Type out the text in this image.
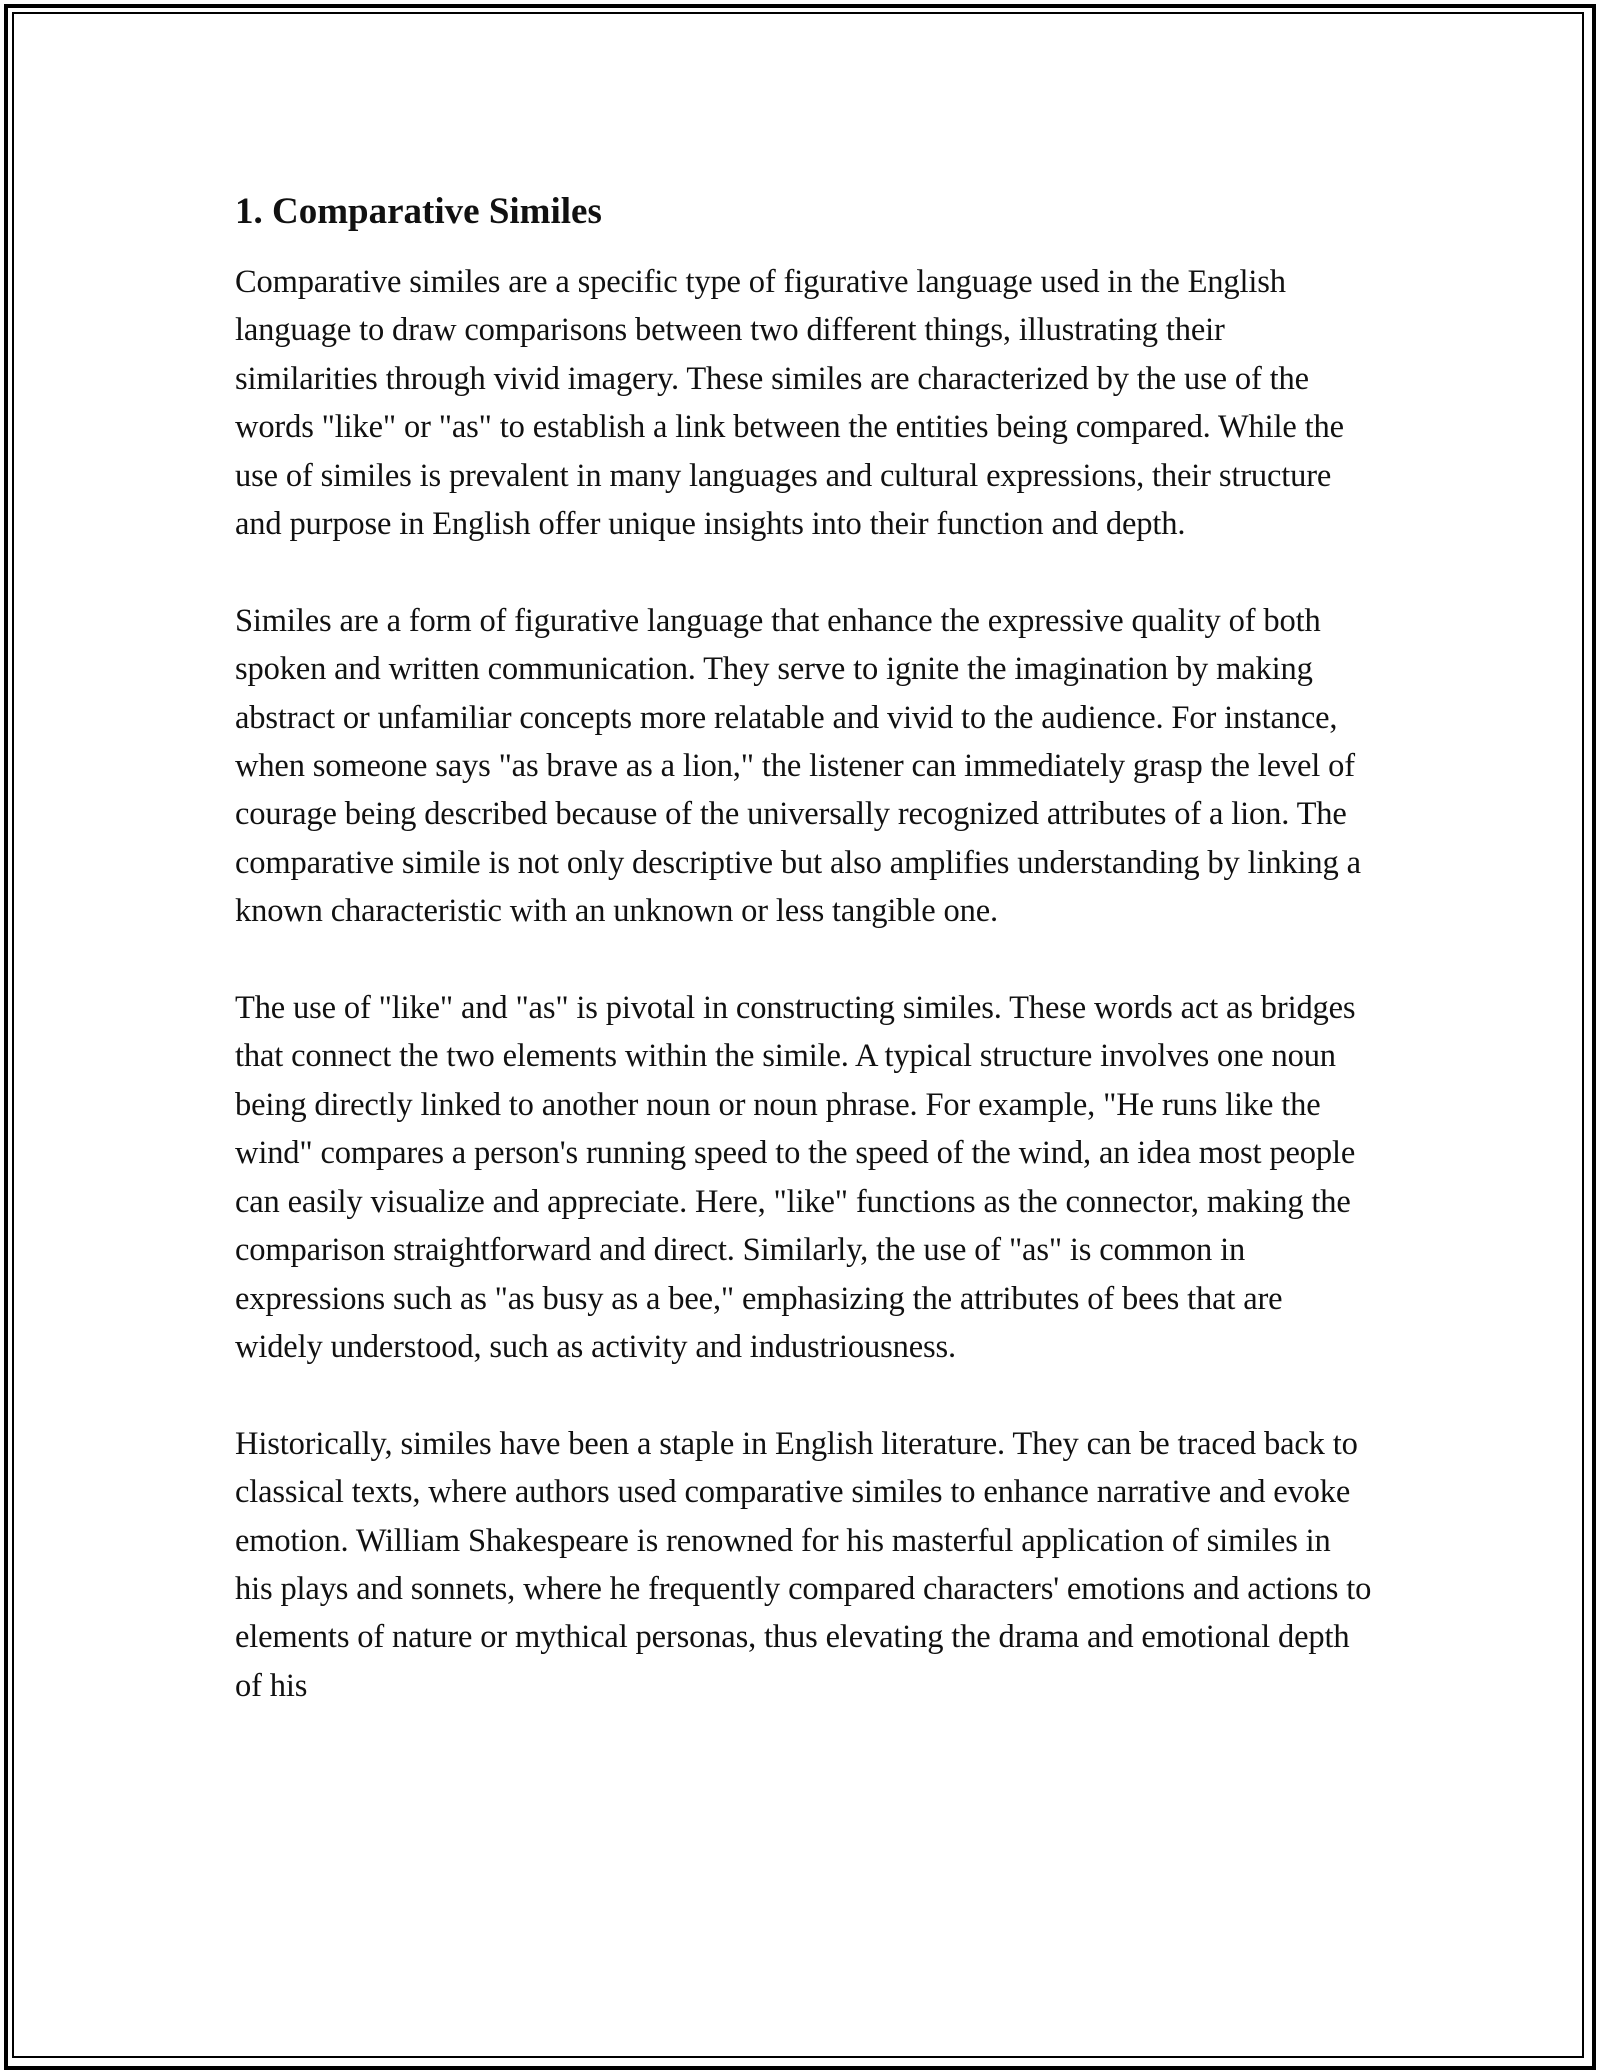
1. Comparative Similes

Comparative similes are a specific type of figurative language used in the English language to draw comparisons between two different things, illustrating their similarities through vivid imagery. These similes are characterized by the use of the words "like" or "as" to establish a link between the entities being compared. While the use of similes is prevalent in many languages and cultural expressions, their structure and purpose in English offer unique insights into their function and depth.

Similes are a form of figurative language that enhance the expressive quality of both spoken and written communication. They serve to ignite the imagination by making abstract or unfamiliar concepts more relatable and vivid to the audience. For instance, when someone says "as brave as a lion," the listener can immediately grasp the level of courage being described because of the universally recognized attributes of a lion. The comparative simile is not only descriptive but also amplifies understanding by linking a known characteristic with an unknown or less tangible one.

The use of "like" and "as" is pivotal in constructing similes. These words act as bridges that connect the two elements within the simile. A typical structure involves one noun being directly linked to another noun or noun phrase. For example, "He runs like the wind" compares a person's running speed to the speed of the wind, an idea most people can easily visualize and appreciate. Here, "like" functions as the connector, making the comparison straightforward and direct. Similarly, the use of "as" is common in expressions such as "as busy as a bee," emphasizing the attributes of bees that are widely understood, such as activity and industriousness.

Historically, similes have been a staple in English literature. They can be traced back to classical texts, where authors used comparative similes to enhance narrative and evoke emotion. William Shakespeare is renowned for his masterful application of similes in his plays and sonnets, where he frequently compared characters' emotions and actions to elements of nature or mythical personas, thus elevating the drama and emotional depth of his
